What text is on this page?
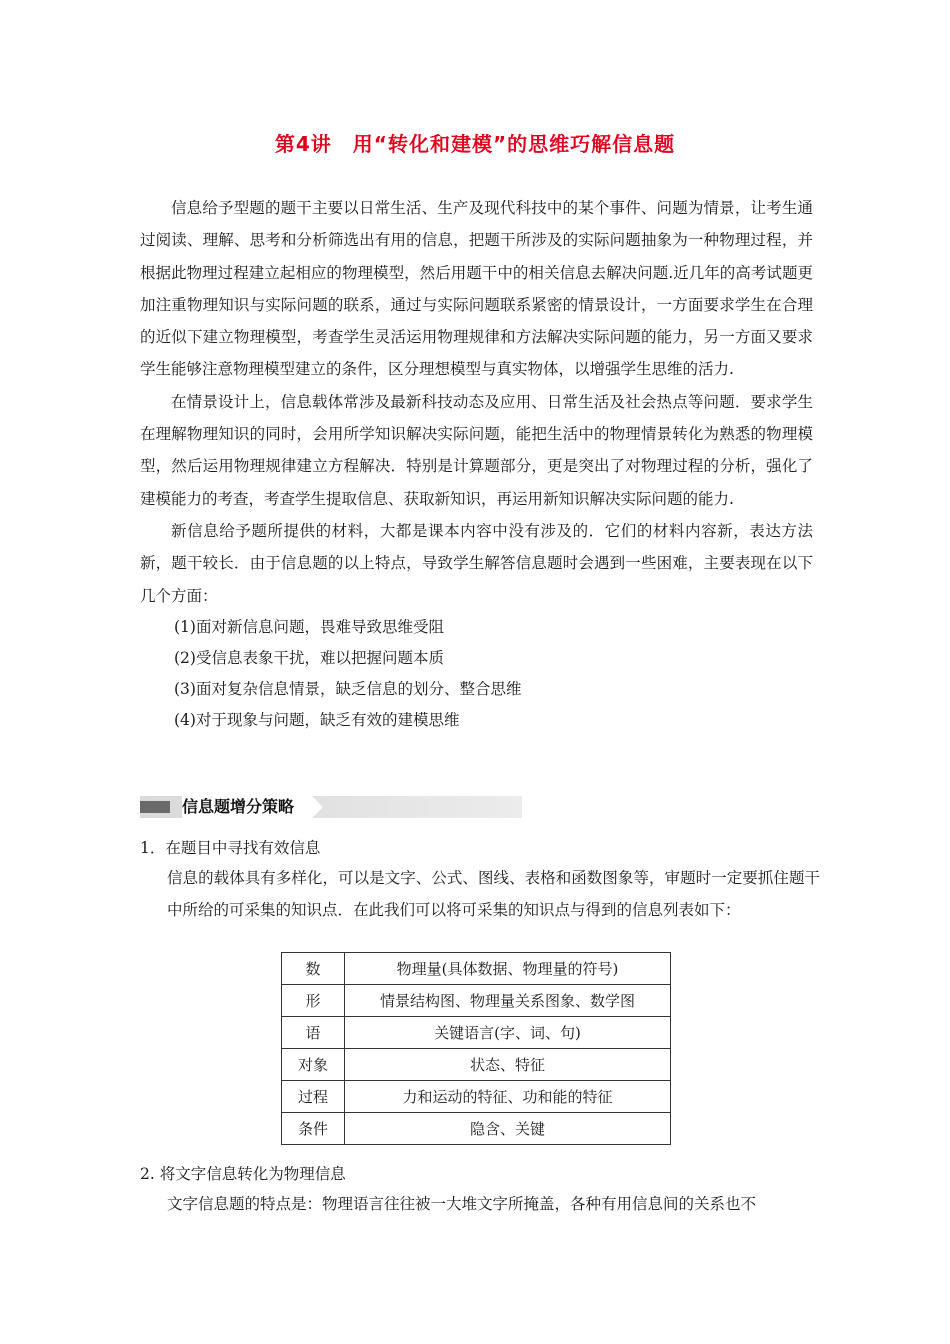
第4讲　用“转化和建模”的思维巧解信息题

信息给予型题的题干主要以日常生活、生产及现代科技中的某个事件、问题为情景，让考生通过阅读、理解、思考和分析筛选出有用的信息，把题干所涉及的实际问题抽象为一种物理过程，并根据此物理过程建立起相应的物理模型，然后用题干中的相关信息去解决问题.近几年的高考试题更加注重物理知识与实际问题的联系，通过与实际问题联系紧密的情景设计，一方面要求学生在合理的近似下建立物理模型，考查学生灵活运用物理规律和方法解决实际问题的能力，另一方面又要求学生能够注意物理模型建立的条件，区分理想模型与真实物体，以增强学生思维的活力.

在情景设计上，信息载体常涉及最新科技动态及应用、日常生活及社会热点等问题．要求学生在理解物理知识的同时，会用所学知识解决实际问题，能把生活中的物理情景转化为熟悉的物理模型，然后运用物理规律建立方程解决．特别是计算题部分，更是突出了对物理过程的分析，强化了建模能力的考查，考查学生提取信息、获取新知识，再运用新知识解决实际问题的能力.

新信息给予题所提供的材料，大都是课本内容中没有涉及的．它们的材料内容新，表达方法新，题干较长．由于信息题的以上特点，导致学生解答信息题时会遇到一些困难，主要表现在以下几个方面：

(1)面对新信息问题，畏难导致思维受阻

(2)受信息表象干扰，难以把握问题本质

(3)面对复杂信息情景，缺乏信息的划分、整合思维

(4)对于现象与问题，缺乏有效的建模思维

信息题增分策略

1．在题目中寻找有效信息

信息的载体具有多样化，可以是文字、公式、图线、表格和函数图象等，审题时一定要抓住题干中所给的可采集的知识点．在此我们可以将可采集的知识点与得到的信息列表如下：

数	物理量(具体数据、物理量的符号)
形	情景结构图、物理量关系图象、数学图
语	关键语言(字、词、句)
对象	状态、特征
过程	力和运动的特征、功和能的特征
条件	隐含、关键

2. 将文字信息转化为物理信息

文字信息题的特点是：物理语言往往被一大堆文字所掩盖，各种有用信息间的关系也不
